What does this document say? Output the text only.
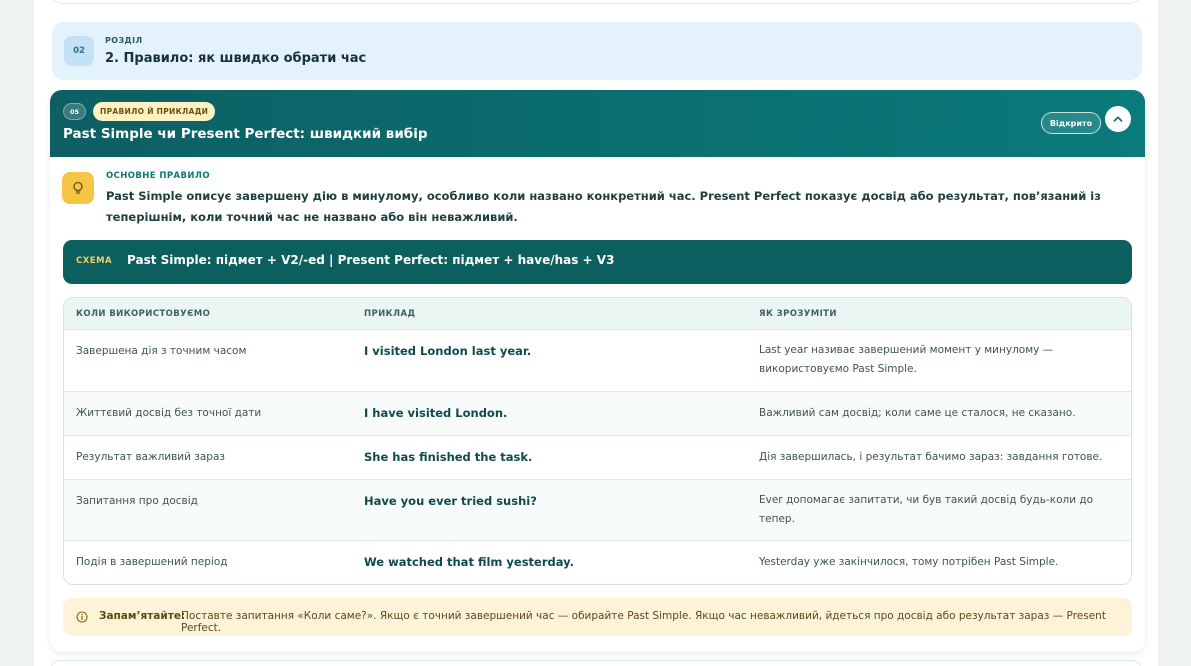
02
РОЗДІЛ
2. Правило: як швидко обрати час
05	ПРАВИЛО Й ПРИКЛАДИ
Past Simple чи Present Perfect: швидкий вибір
Відкрито
ОСНОВНЕ ПРАВИЛО
Past Simple описує завершену дію в минулому, особливо коли названо конкретний час. Present Perfect показує досвід або результат, пов’язаний із теперішнім, коли точний час не названо або він неважливий.
СХЕМА Past Simple: підмет + V2/-ed | Present Perfect: підмет + have/has + V3
КОЛИ ВИКОРИСТОВУЄМО	ПРИКЛАД	ЯК ЗРОЗУМІТИ
Завершена дія з точним часом	I visited London last year.	Last year називає завершений момент у минулому — використовуємо Past Simple.
Життєвий досвід без точної дати	I have visited London.	Важливий сам досвід; коли саме це сталося, не сказано.
Результат важливий зараз	She has finished the task.	Дія завершилась, і результат бачимо зараз: завдання готове.
Запитання про досвід	Have you ever tried sushi?	Ever допомагає запитати, чи був такий досвід будь-коли до тепер.
Подія в завершений період	We watched that film yesterday.	Yesterday уже закінчилося, тому потрібен Past Simple.
Запам’ятайте:
Поставте запитання «Коли саме?». Якщо є точний завершений час — обирайте Past Simple. Якщо час неважливий, йдеться про досвід або результат зараз — Present Perfect.
